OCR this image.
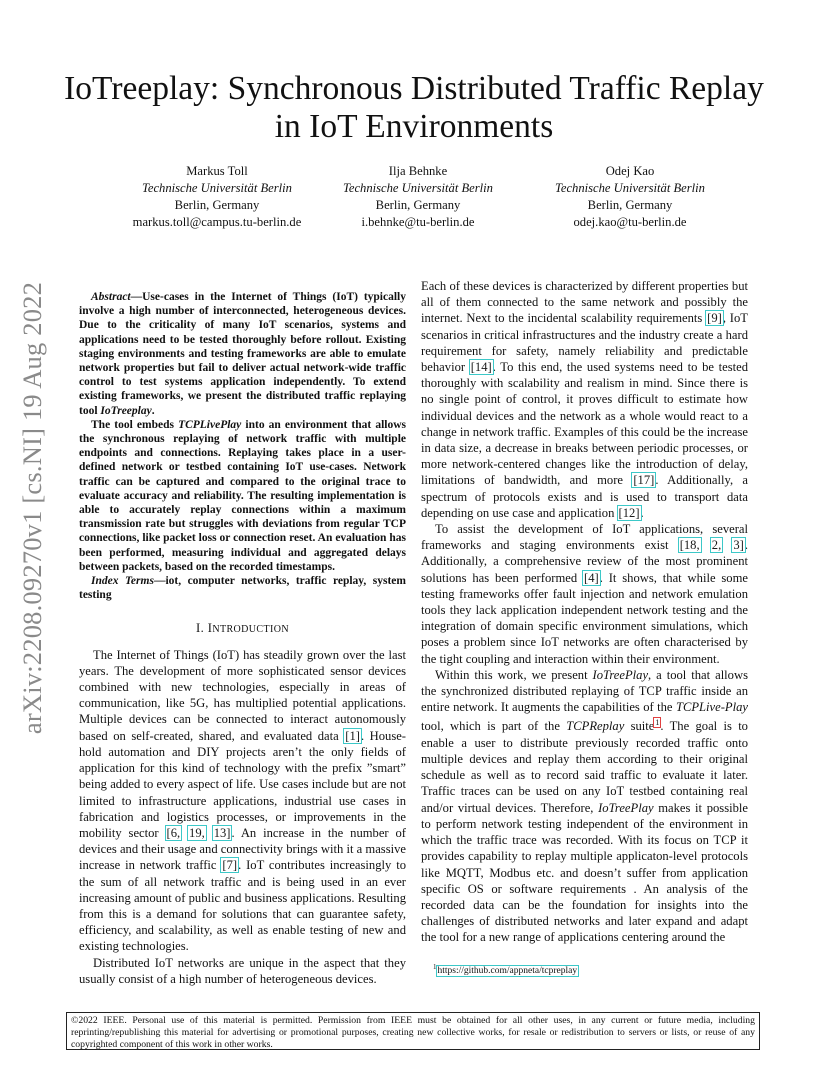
arXiv:2208.09270v1 [cs.NI] 19 Aug 2022
IoTreeplay: Synchronous Distributed Traffic Replay
in IoT Environments
Markus Toll
Technische Universität Berlin
Berlin, Germany
markus.toll@campus.tu-berlin.de
Ilja Behnke
Technische Universität Berlin
Berlin, Germany
i.behnke@tu-berlin.de
Odej Kao
Technische Universität Berlin
Berlin, Germany
odej.kao@tu-berlin.de

Abstract—Use-cases in the Internet of Things (IoT) typically involve a high number of interconnected, heterogeneous devices. Due to the criticality of many IoT scenarios, systems and applications need to be tested thoroughly before rollout. Existing staging environments and testing frameworks are able to emulate network properties but fail to deliver actual network-wide traffic control to test systems application independently. To extend existing frameworks, we present the distributed traffic replaying tool IoTreeplay.

The tool embeds TCPLivePlay into an environment that allows the synchronous replaying of network traffic with multiple endpoints and connections. Replaying takes place in a user-defined network or testbed containing IoT use-cases. Network traffic can be captured and compared to the original trace to evaluate accuracy and reliability. The resulting implementation is able to accurately replay connections within a maximum transmission rate but struggles with deviations from regular TCP connections, like packet loss or connection reset. An evaluation has been performed, measuring individual and aggregated delays between packets, based on the recorded timestamps.

Index Terms—iot, computer networks, traffic replay, system testing

I. INTRODUCTION

The Internet of Things (IoT) has steadily grown over the last years. The development of more sophisticated sensor devices combined with new technologies, especially in areas of communication, like 5G, has multiplied potential applications. Multiple devices can be connected to interact autonomously based on self-created, shared, and evaluated data [1]. House-hold automation and DIY projects aren’t the only fields of application for this kind of technology with the prefix ”smart” being added to every aspect of life. Use cases include but are not limited to infrastructure applications, industrial use cases in fabrication and logistics processes, or improvements in the mobility sector [6, 19, 13]. An increase in the number of devices and their usage and connectivity brings with it a massive increase in network traffic [7]. IoT contributes increasingly to the sum of all network traffic and is being used in an ever increasing amount of public and business applications. Resulting from this is a demand for solutions that can guarantee safety, efficiency, and scalability, as well as enable testing of new and existing technologies.

Distributed IoT networks are unique in the aspect that they usually consist of a high number of heterogeneous devices.

Each of these devices is characterized by different properties but all of them connected to the same network and possibly the internet. Next to the incidental scalability requirements [9], IoT scenarios in critical infrastructures and the industry create a hard requirement for safety, namely reliability and predictable behavior [14]. To this end, the used systems need to be tested thoroughly with scalability and realism in mind. Since there is no single point of control, it proves difficult to estimate how individual devices and the network as a whole would react to a change in network traffic. Examples of this could be the increase in data size, a decrease in breaks between periodic processes, or more network-centered changes like the introduction of delay, limitations of bandwidth, and more [17]. Additionally, a spectrum of protocols exists and is used to transport data depending on use case and application [12].

To assist the development of IoT applications, several frameworks and staging environments exist [18, 2, 3]. Additionally, a comprehensive review of the most prominent solutions has been performed [4]. It shows, that while some testing frameworks offer fault injection and network emulation tools they lack application independent network testing and the integration of domain specific environment simulations, which poses a problem since IoT networks are often characterised by the tight coupling and interaction within their environment.

Within this work, we present IoTreePlay, a tool that allows the synchronized distributed replaying of TCP traffic inside an entire network. It augments the capabilities of the TCPLive-Play tool, which is part of the TCPReplay suite$^1$. The goal is to enable a user to distribute previously recorded traffic onto multiple devices and replay them according to their original schedule as well as to record said traffic to evaluate it later. Traffic traces can be used on any IoT testbed containing real and/or virtual devices. Therefore, IoTreePlay makes it possible to perform network testing independent of the environment in which the traffic trace was recorded. With its focus on TCP it provides capability to replay multiple applicaton-level protocols like MQTT, Modbus etc. and doesn’t suffer from application specific OS or software requirements . An analysis of the recorded data can be the foundation for insights into the challenges of distributed networks and later expand and adapt the tool for a new range of applications centering around the

$^1$https://github.com/appneta/tcpreplay
©2022 IEEE. Personal use of this material is permitted. Permission from IEEE must be obtained for all other uses, in any current or future media, including reprinting/republishing this material for advertising or promotional purposes, creating new collective works, for resale or redistribution to servers or lists, or reuse of any copyrighted component of this work in other works.
